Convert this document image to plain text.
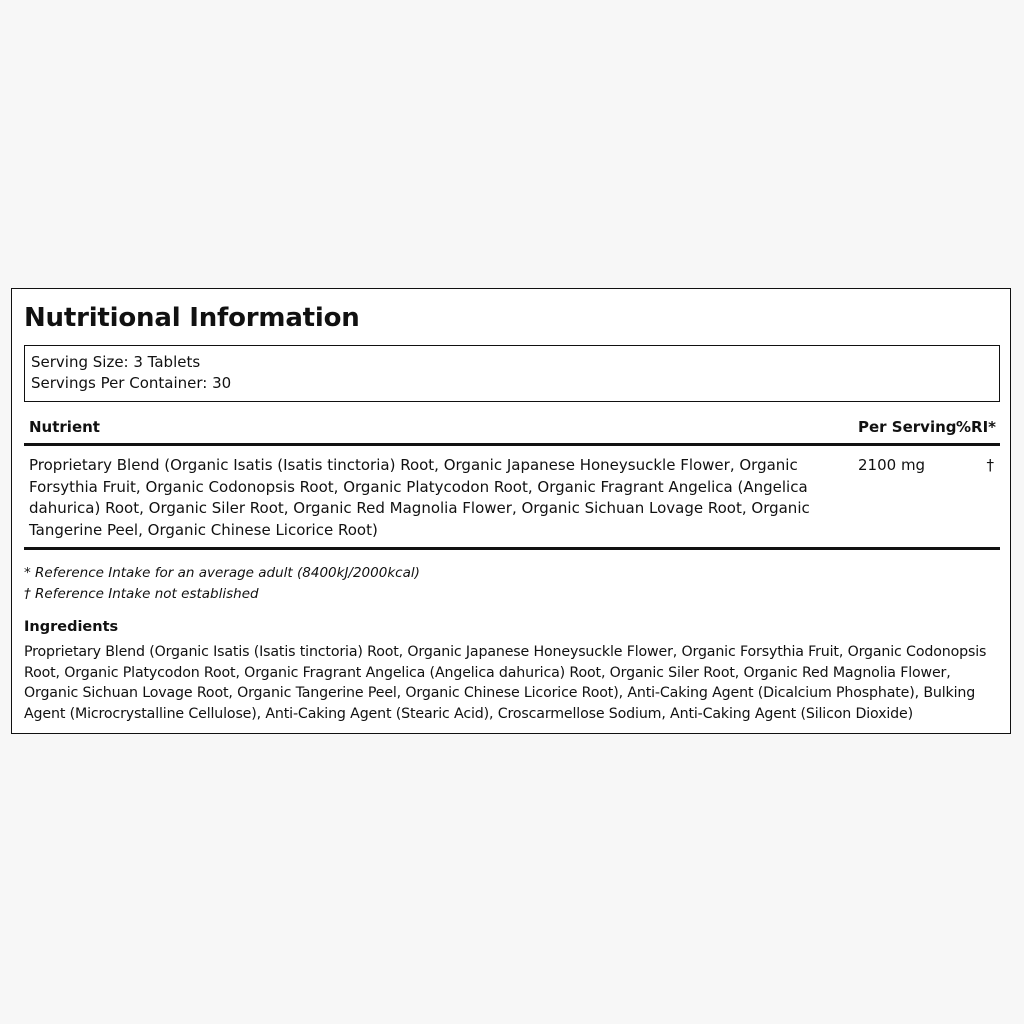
Nutritional Information
Serving Size: 3 Tablets
Servings Per Container: 30
Nutrient	Per Serving %RI*
Proprietary Blend (Organic Isatis (Isatis tinctoria) Root, Organic Japanese Honeysuckle Flower, Organic Forsythia Fruit, Organic Codonopsis Root, Organic Platycodon Root, Organic Fragrant Angelica (Angelica dahurica) Root, Organic Siler Root, Organic Red Magnolia Flower, Organic Sichuan Lovage Root, Organic Tangerine Peel, Organic Chinese Licorice Root)
2100 mg	†
* Reference Intake for an average adult (8400kJ/2000kcal)
† Reference Intake not established
Ingredients
Proprietary Blend (Organic Isatis (Isatis tinctoria) Root, Organic Japanese Honeysuckle Flower, Organic Forsythia Fruit, Organic Codonopsis Root, Organic Platycodon Root, Organic Fragrant Angelica (Angelica dahurica) Root, Organic Siler Root, Organic Red Magnolia Flower, Organic Sichuan Lovage Root, Organic Tangerine Peel, Organic Chinese Licorice Root), Anti-Caking Agent (Dicalcium Phosphate), Bulking Agent (Microcrystalline Cellulose), Anti-Caking Agent (Stearic Acid), Croscarmellose Sodium, Anti-Caking Agent (Silicon Dioxide)
